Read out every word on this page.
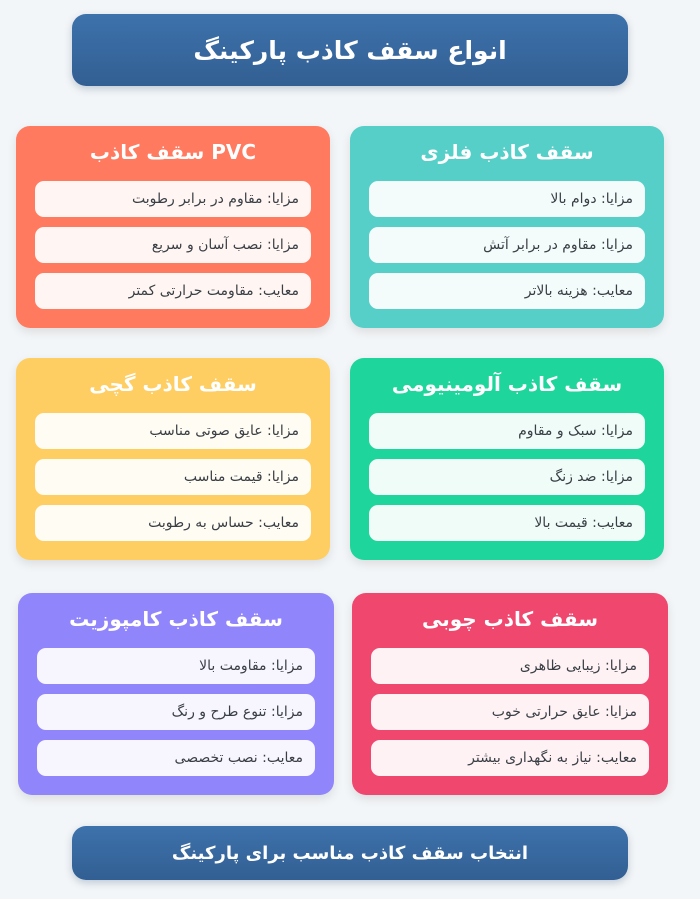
انواع سقف کاذب پارکینگ
سقف کاذب فلزی
مزایا: دوام بالا
مزایا: مقاوم در برابر آتش
معایب: هزینه بالاتر
PVC سقف کاذب
مزایا: مقاوم در برابر رطوبت
مزایا: نصب آسان و سریع
معایب: مقاومت حرارتی کمتر
سقف کاذب آلومینیومی
مزایا: سبک و مقاوم
مزایا: ضد زنگ
معایب: قیمت بالا
سقف کاذب گچی
مزایا: عایق صوتی مناسب
مزایا: قیمت مناسب
معایب: حساس به رطوبت
سقف کاذب چوبی
مزایا: زیبایی ظاهری
مزایا: عایق حرارتی خوب
معایب: نیاز به نگهداری بیشتر
سقف کاذب کامپوزیت
مزایا: مقاومت بالا
مزایا: تنوع طرح و رنگ
معایب: نصب تخصصی
انتخاب سقف کاذب مناسب برای پارکینگ
